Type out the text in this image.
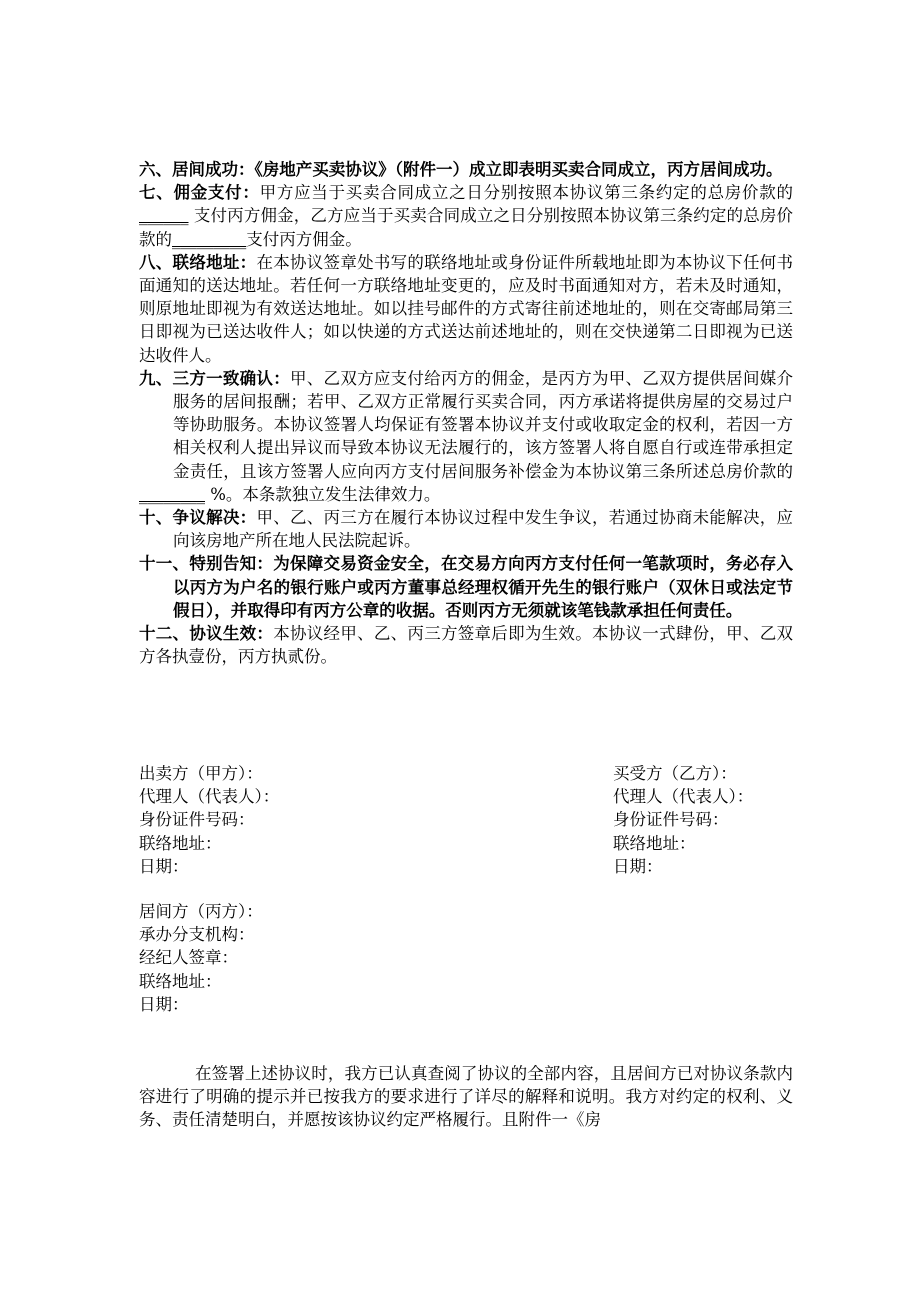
六、居间成功：《房地产买卖协议》（附件一）成立即表明买卖合同成立，丙方居间成功。

七、佣金支付：甲方应当于买卖合同成立之日分别按照本协议第三条约定的总房价款的______ 支付丙方佣金，乙方应当于买卖合同成立之日分别按照本协议第三条约定的总房价款的_________支付丙方佣金。

八、联络地址：在本协议签章处书写的联络地址或身份证件所载地址即为本协议下任何书面通知的送达地址。若任何一方联络地址变更的，应及时书面通知对方，若未及时通知，则原地址即视为有效送达地址。如以挂号邮件的方式寄往前述地址的，则在交寄邮局第三日即视为已送达收件人；如以快递的方式送达前述地址的，则在交快递第二日即视为已送达收件人。

九、三方一致确认：甲、乙双方应支付给丙方的佣金，是丙方为甲、乙双方提供居间媒介服务的居间报酬；若甲、乙双方正常履行买卖合同，丙方承诺将提供房屋的交易过户等协助服务。本协议签署人均保证有签署本协议并支付或收取定金的权利，若因一方相关权利人提出异议而导致本协议无法履行的，该方签署人将自愿自行或连带承担定金责任，且该方签署人应向丙方支付居间服务补偿金为本协议第三条所述总房价款的________ %。本条款独立发生法律效力。

十、争议解决：甲、乙、丙三方在履行本协议过程中发生争议，若通过协商未能解决，应向该房地产所在地人民法院起诉。

十一、特别告知：为保障交易资金安全，在交易方向丙方支付任何一笔款项时，务必存入以丙方为户名的银行账户或丙方董事总经理权循开先生的银行账户（双休日或法定节假日），并取得印有丙方公章的收据。否则丙方无须就该笔钱款承担任何责任。

十二、协议生效：本协议经甲、乙、丙三方签章后即为生效。本协议一式肆份，甲、乙双方各执壹份，丙方执贰份。

出卖方（甲方）：
代理人（代表人）：
身份证件号码：
联络地址：
日期：
买受方（乙方）：
代理人（代表人）：
身份证件号码：
联络地址：
日期：
居间方（丙方）：
承办分支机构：
经纪人签章：
联络地址：
日期：

在签署上述协议时，我方已认真查阅了协议的全部内容，且居间方已对协议条款内容进行了明确的提示并已按我方的要求进行了详尽的解释和说明。我方对约定的权利、义务、责任清楚明白，并愿按该协议约定严格履行。且附件一《房
